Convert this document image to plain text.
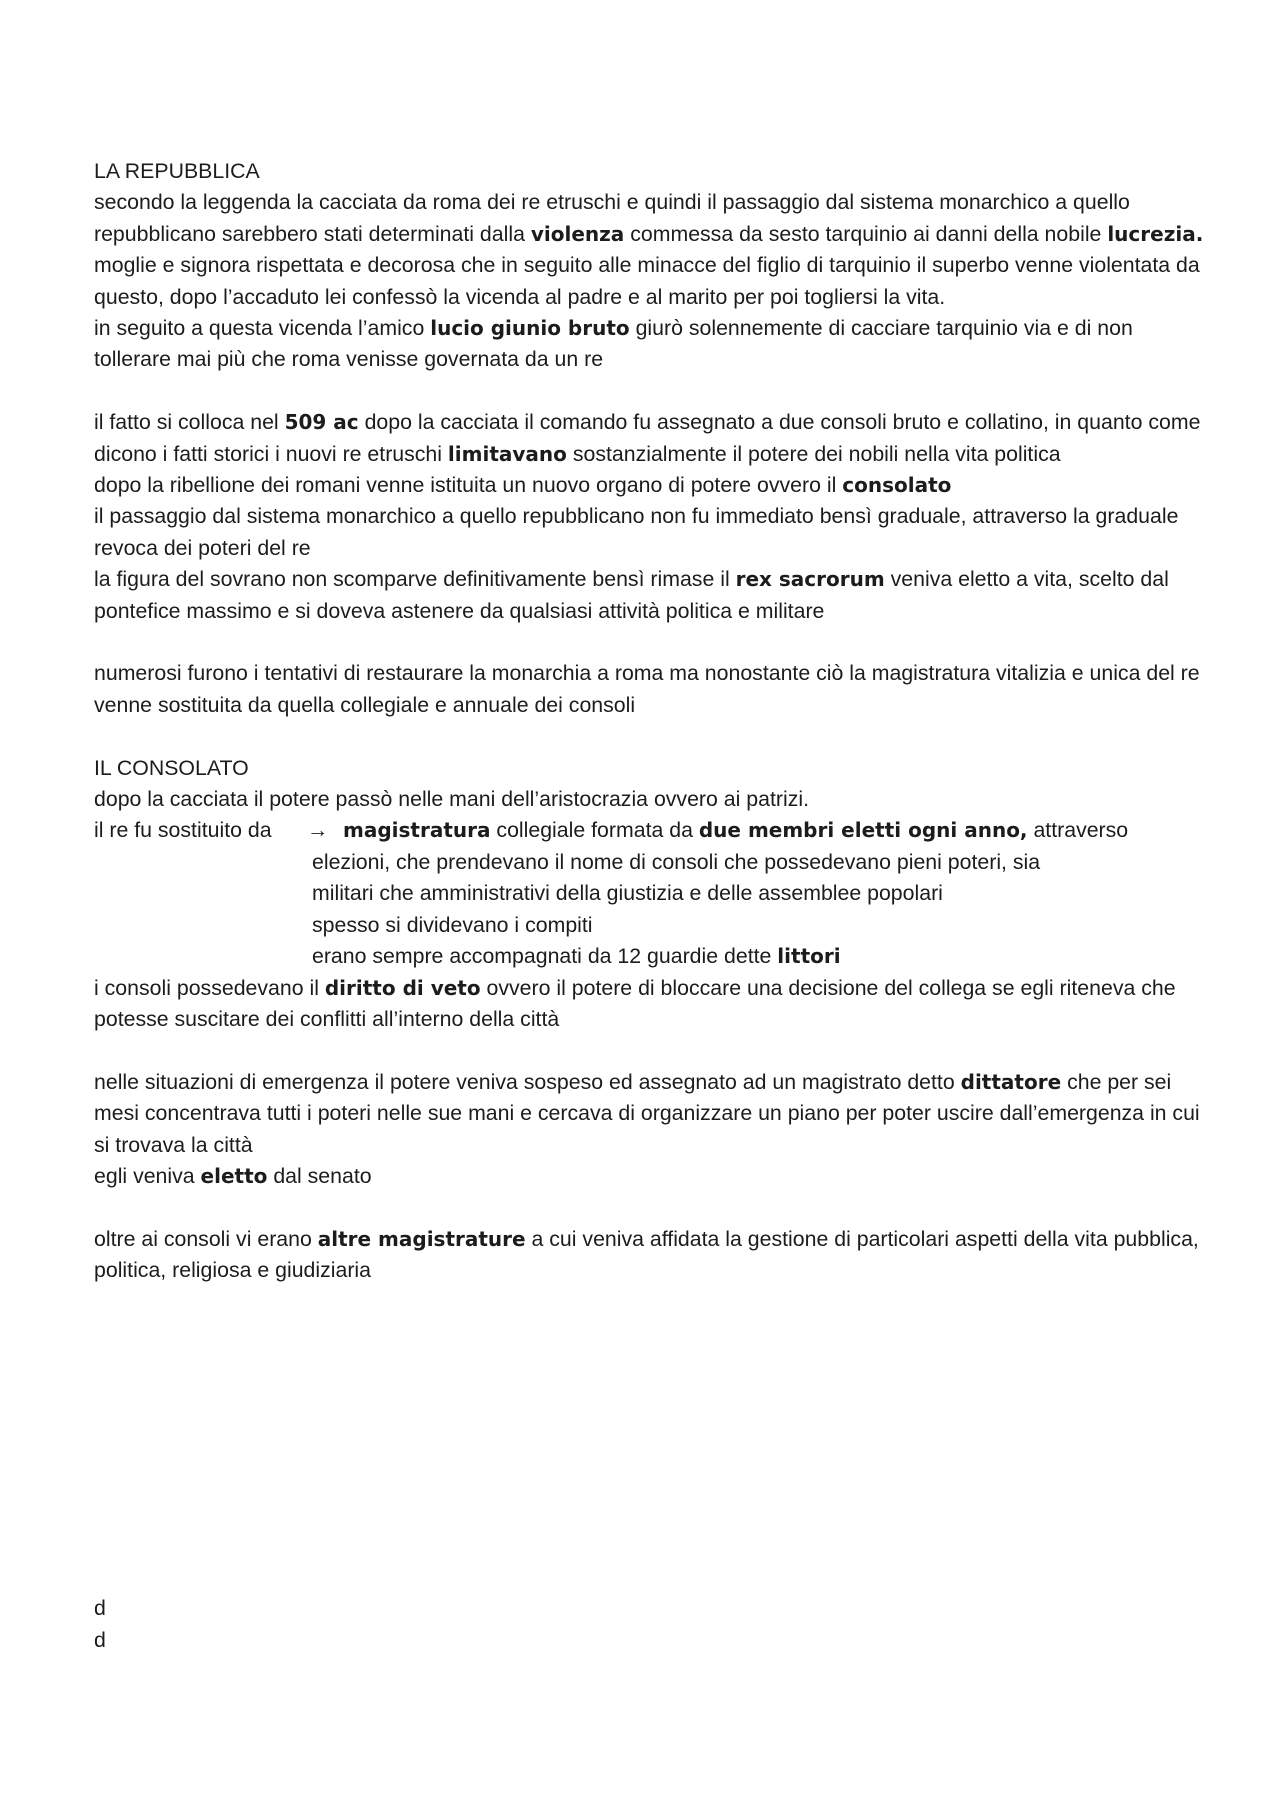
LA REPUBBLICA

secondo la leggenda la cacciata da roma dei re etruschi e quindi il passaggio dal sistema monarchico a quello repubblicano sarebbero stati determinati dalla violenza commessa da sesto tarquinio ai danni della nobile lucrezia.

moglie e signora rispettata e decorosa che in seguito alle minacce del figlio di tarquinio il superbo venne violentata da questo, dopo l’accaduto lei confessò la vicenda al padre e al marito per poi togliersi la vita.

in seguito a questa vicenda l’amico lucio giunio bruto giurò solennemente di cacciare tarquinio via e di non tollerare mai più che roma venisse governata da un re

il fatto si colloca nel 509 ac dopo la cacciata il comando fu assegnato a due consoli bruto e collatino, in quanto come dicono i fatti storici i nuovi re etruschi limitavano sostanzialmente il potere dei nobili nella vita politica

dopo la ribellione dei romani venne istituita un nuovo organo di potere ovvero il consolato

il passaggio dal sistema monarchico a quello repubblicano non fu immediato bensì graduale, attraverso la graduale revoca dei poteri del re

la figura del sovrano non scomparve definitivamente bensì rimase il rex sacrorum veniva eletto a vita, scelto dal pontefice massimo e si doveva astenere da qualsiasi attività politica e militare

numerosi furono i tentativi di restaurare la monarchia a roma ma nonostante ciò la magistratura vitalizia e unica del re venne sostituita da quella collegiale e annuale dei consoli

IL CONSOLATO

dopo la cacciata il potere passò nelle mani dell’aristocrazia ovvero ai patrizi.

il re fu sostituito da → magistratura collegiale formata da due membri eletti ogni anno, attraverso
elezioni, che prendevano il nome di consoli che possedevano pieni poteri, sia
militari che amministrativi della giustizia e delle assemblee popolari
spesso si dividevano i compiti
erano sempre accompagnati da 12 guardie dette littori

i consoli possedevano il diritto di veto ovvero il potere di bloccare una decisione del collega se egli riteneva che potesse suscitare dei conflitti all’interno della città

nelle situazioni di emergenza il potere veniva sospeso ed assegnato ad un magistrato detto dittatore che per sei mesi concentrava tutti i poteri nelle sue mani e cercava di organizzare un piano per poter uscire dall’emergenza in cui si trovava la città

egli veniva eletto dal senato

oltre ai consoli vi erano altre magistrature a cui veniva affidata la gestione di particolari aspetti della vita pubblica, politica, religiosa e giudiziaria

d
d
